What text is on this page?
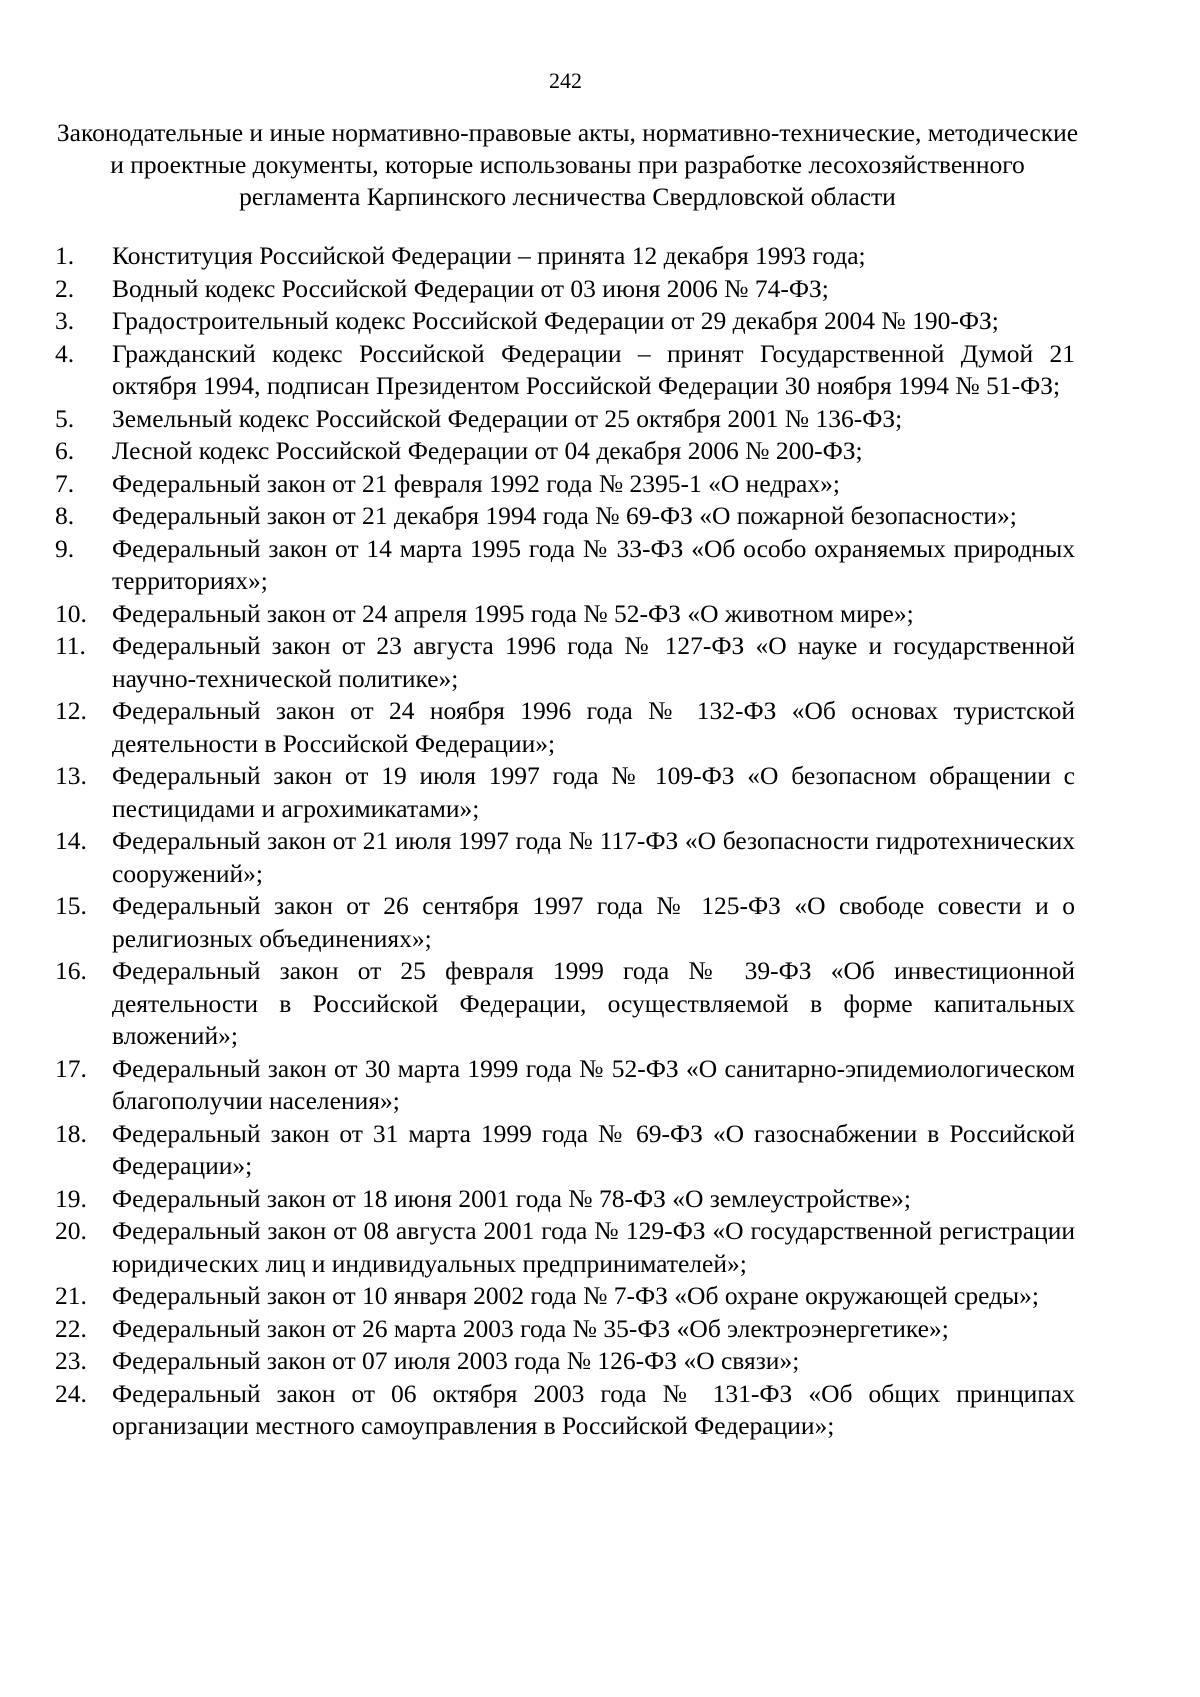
242
Законодательные и иные нормативно-правовые акты, нормативно-технические, методические и проектные документы, которые использованы при разработке лесохозяйственного регламента Карпинского лесничества Свердловской области
1. Конституция Российской Федерации – принята 12 декабря 1993 года;
2. Водный кодекс Российской Федерации от 03 июня 2006 № 74-ФЗ;
3. Градостроительный кодекс Российской Федерации от 29 декабря 2004 № 190-ФЗ;
4. Гражданский кодекс Российской Федерации – принят Государственной Думой 21 октября 1994, подписан Президентом Российской Федерации 30 ноября 1994 № 51-ФЗ;
5. Земельный кодекс Российской Федерации от 25 октября 2001 № 136-ФЗ;
6. Лесной кодекс Российской Федерации от 04 декабря 2006 № 200-ФЗ;
7. Федеральный закон от 21 февраля 1992 года № 2395-1 «О недрах»;
8. Федеральный закон от 21 декабря 1994 года № 69-ФЗ «О пожарной безопасности»;
9. Федеральный закон от 14 марта 1995 года № 33-ФЗ «Об особо охраняемых природных территориях»;
10. Федеральный закон от 24 апреля 1995 года № 52-ФЗ «О животном мире»;
11. Федеральный закон от 23 августа 1996 года № 127-ФЗ «О науке и государственной научно-технической политике»;
12. Федеральный закон от 24 ноября 1996 года № 132-ФЗ «Об основах туристской деятельности в Российской Федерации»;
13. Федеральный закон от 19 июля 1997 года № 109-ФЗ «О безопасном обращении с пестицидами и агрохимикатами»;
14. Федеральный закон от 21 июля 1997 года № 117-ФЗ «О безопасности гидротехнических сооружений»;
15. Федеральный закон от 26 сентября 1997 года № 125-ФЗ «О свободе совести и о религиозных объединениях»;
16. Федеральный закон от 25 февраля 1999 года № 39-ФЗ «Об инвестиционной деятельности в Российской Федерации, осуществляемой в форме капитальных вложений»;
17. Федеральный закон от 30 марта 1999 года № 52-ФЗ «О санитарно-эпидемиологическом благополучии населения»;
18. Федеральный закон от 31 марта 1999 года № 69-ФЗ «О газоснабжении в Российской Федерации»;
19. Федеральный закон от 18 июня 2001 года № 78-ФЗ «О землеустройстве»;
20. Федеральный закон от 08 августа 2001 года № 129-ФЗ «О государственной регистрации юридических лиц и индивидуальных предпринимателей»;
21. Федеральный закон от 10 января 2002 года № 7-ФЗ «Об охране окружающей среды»;
22. Федеральный закон от 26 марта 2003 года № 35-ФЗ «Об электроэнергетике»;
23. Федеральный закон от 07 июля 2003 года № 126-ФЗ «О связи»;
24. Федеральный закон от 06 октября 2003 года № 131-ФЗ «Об общих принципах организации местного самоуправления в Российской Федерации»;
